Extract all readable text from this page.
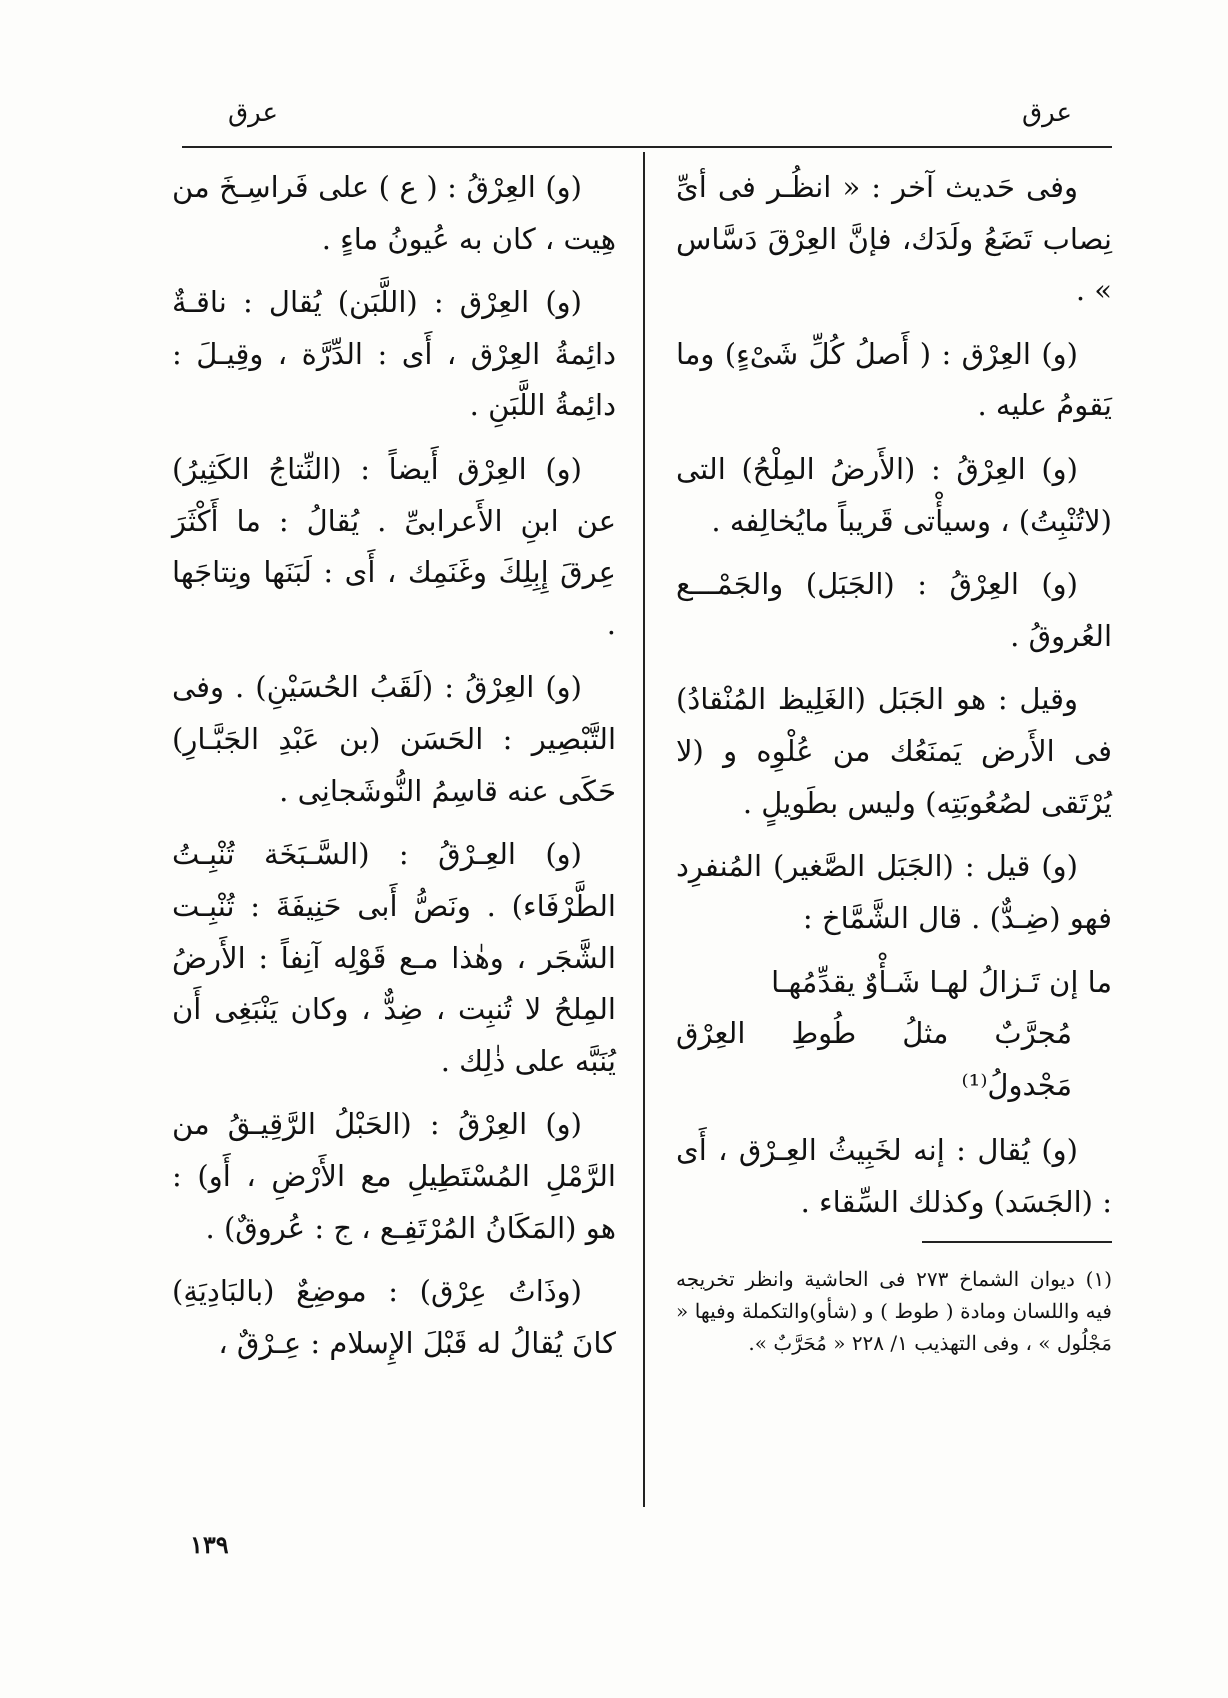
عرق	عرق

وفى حَديث آخر : « انظُـر فى أىِّ نِصاب تَضَعُ ولَدَك، فإنَّ العِرْقَ دَسَّاس » .

(و) العِرْق : ( أَصلُ كُلِّ شَىْءٍ) وما يَقومُ عليه .

(و) العِرْقُ : (الأَرضُ المِلْحُ) التى (لاتُنْبِتُ) ، وسيأْتى قَريباً مايُخالِفه .

(و) العِرْقُ : (الجَبَل) والجَمْـــع العُروقُ .

وقيل : هو الجَبَل (الغَلِيظ المُنْقادُ) فى الأَرض يَمنَعُك من عُلْوِه و (لا يُرْتَقى لصُعُوبَتِه) وليس بطَويلٍ .

(و) قيل : (الجَبَل الصَّغير) المُنفرِد فهو (ضِـدٌّ) . قال الشَّمَّاخ :

ما إن تَـزالُ لهـا شَـأْوٌ يقدِّمُهـا
مُجرَّبٌ مثلُ طُوطِ العِرْق مَجْدولُ⁽¹⁾

(و) يُقال : إنه لخَبِيثُ العِـرْق ، أَى : (الجَسَد) وكذلك السِّقاء .

(١) ديوان الشماخ ٢٧٣ فى الحاشية وانظر تخريجه فيه واللسان ومادة ( طوط ) و (شأو)والتكملة وفيها « مَجْلُول » ، وفى التهذيب ١/ ٢٢٨ « مُحَرَّبٌ ».

(و) العِرْقُ : ( ع ) على فَراسِـخَ من هِيت ، كان به عُيونُ ماءٍ .

(و) العِرْق : (اللَّبَن) يُقال : ناقـةٌ دائِمةُ العِرْق ، أَى : الدِّرَّة ، وقِيـلَ : دائِمةُ اللَّبَنِ .

(و) العِرْق أَيضاً : (النِّتاجُ الكَثِيرُ) عن ابنِ الأَعرابىِّ . يُقالُ : ما أَكْثَرَ عِرقَ إِبِلِكَ وغَنَمِك ، أَى : لَبَنَها ونِتاجَها .

(و) العِرْقُ : (لَقَبُ الحُسَيْنِ) . وفى التَّبْصِير : الحَسَن (بن عَبْدِ الجَبَّـارِ) حَكَى عنه قاسِمُ النُّوشَجانِى .

(و) العِـرْقُ : (السَّـبَخَة تُنْبِـتُ الطَّرْفَاء) . ونَصُّ أَبى حَنِيفَةَ : تُنْبِـت الشَّجَر ، وهٰذا مـع قَوْلِه آنِفاً : الأَرضُ المِلحُ لا تُنبِت ، ضِدٌّ ، وكان يَنْبَغِى أَن يُنَبَّه على ذٰلِك .

(و) العِرْقُ : (الحَبْلُ الرَّقِيـقُ من الرَّمْلِ المُسْتَطِيلِ مع الأَرْضِ ، أَو) : هو (المَكَانُ المُرْتَفِـع ، ج : عُروقٌ) .

(وذَاتُ عِرْق) : موضِعٌ (بالبَادِيَةِ) كانَ يُقالُ له قَبْلَ الإِسلام : عِـرْقٌ ،

١٣٩
